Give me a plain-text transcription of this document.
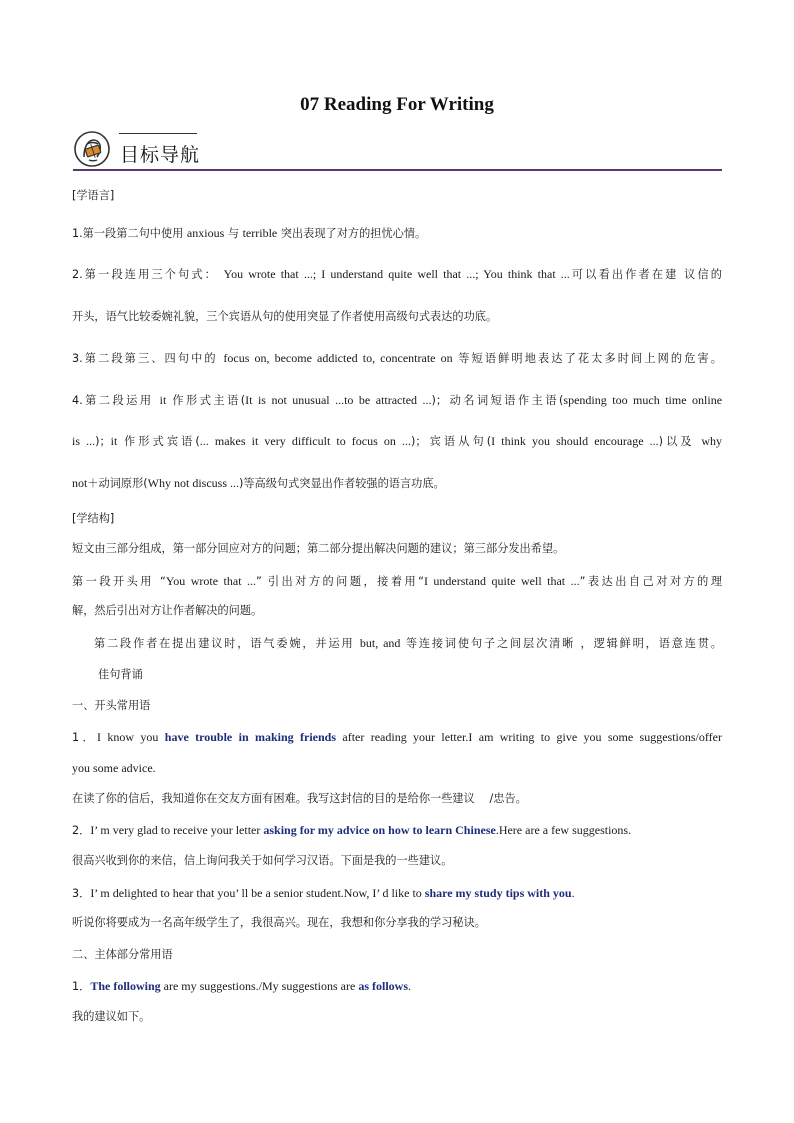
07 Reading For Writing
目标导航
[学语言]
1.第一段第二句中使用 anxious 与 terrible 突出表现了对方的担忧心情。
2.第一段连用三个句式： You wrote that ...; I understand quite well that ...; You think that ...可以看出作者在建 议信的
开头，语气比较委婉礼貌，三个宾语从句的使用突显了作者使用高级句式表达的功底。
3.第二段第三、四句中的 focus on, become addicted to, concentrate on 等短语鲜明地表达了花太多时间上网的危害。
4.第二段运用 it 作形式主语(It is not unusual ...to be attracted ...)；动名词短语作主语(spending too much time online
is ...)；it 作形式宾语(... makes it very difficult to focus on ...)；宾语从句(I think you should encourage ...)以及 why
not＋动词原形(Why not discuss ...)等高级句式突显出作者较强的语言功底。
[学结构]
短文由三部分组成，第一部分回应对方的问题；第二部分提出解决问题的建议；第三部分发出希望。
第一段开头用 “You wrote that ...” 引出对方的问题，接着用“I understand quite well that ...”表达出自己对对方的理
解，然后引出对方让作者解决的问题。
第二段作者在提出建议时，语气委婉，并运用 but, and 等连接词使句子之间层次清晰 ，逻辑鲜明，语意连贯。
佳句背诵
一、开头常用语
1．I know you have trouble in making friends after reading your letter.I am writing to give you some suggestions/offer
you some advice.
在读了你的信后，我知道你在交友方面有困难。我写这封信的目的是给你一些建议 　/忠告。
2．I’ m very glad to receive your letter asking for my advice on how to learn Chinese.Here are a few suggestions.
很高兴收到你的来信，信上询问我关于如何学习汉语。下面是我的一些建议。
3．I’ m delighted to hear that you’ ll be a senior student.Now, I’ d like to share my study tips with you.
听说你将要成为一名高年级学生了，我很高兴。现在，我想和你分享我的学习秘诀。
二、主体部分常用语
1．The following are my suggestions./My suggestions are as follows.
我的建议如下。
